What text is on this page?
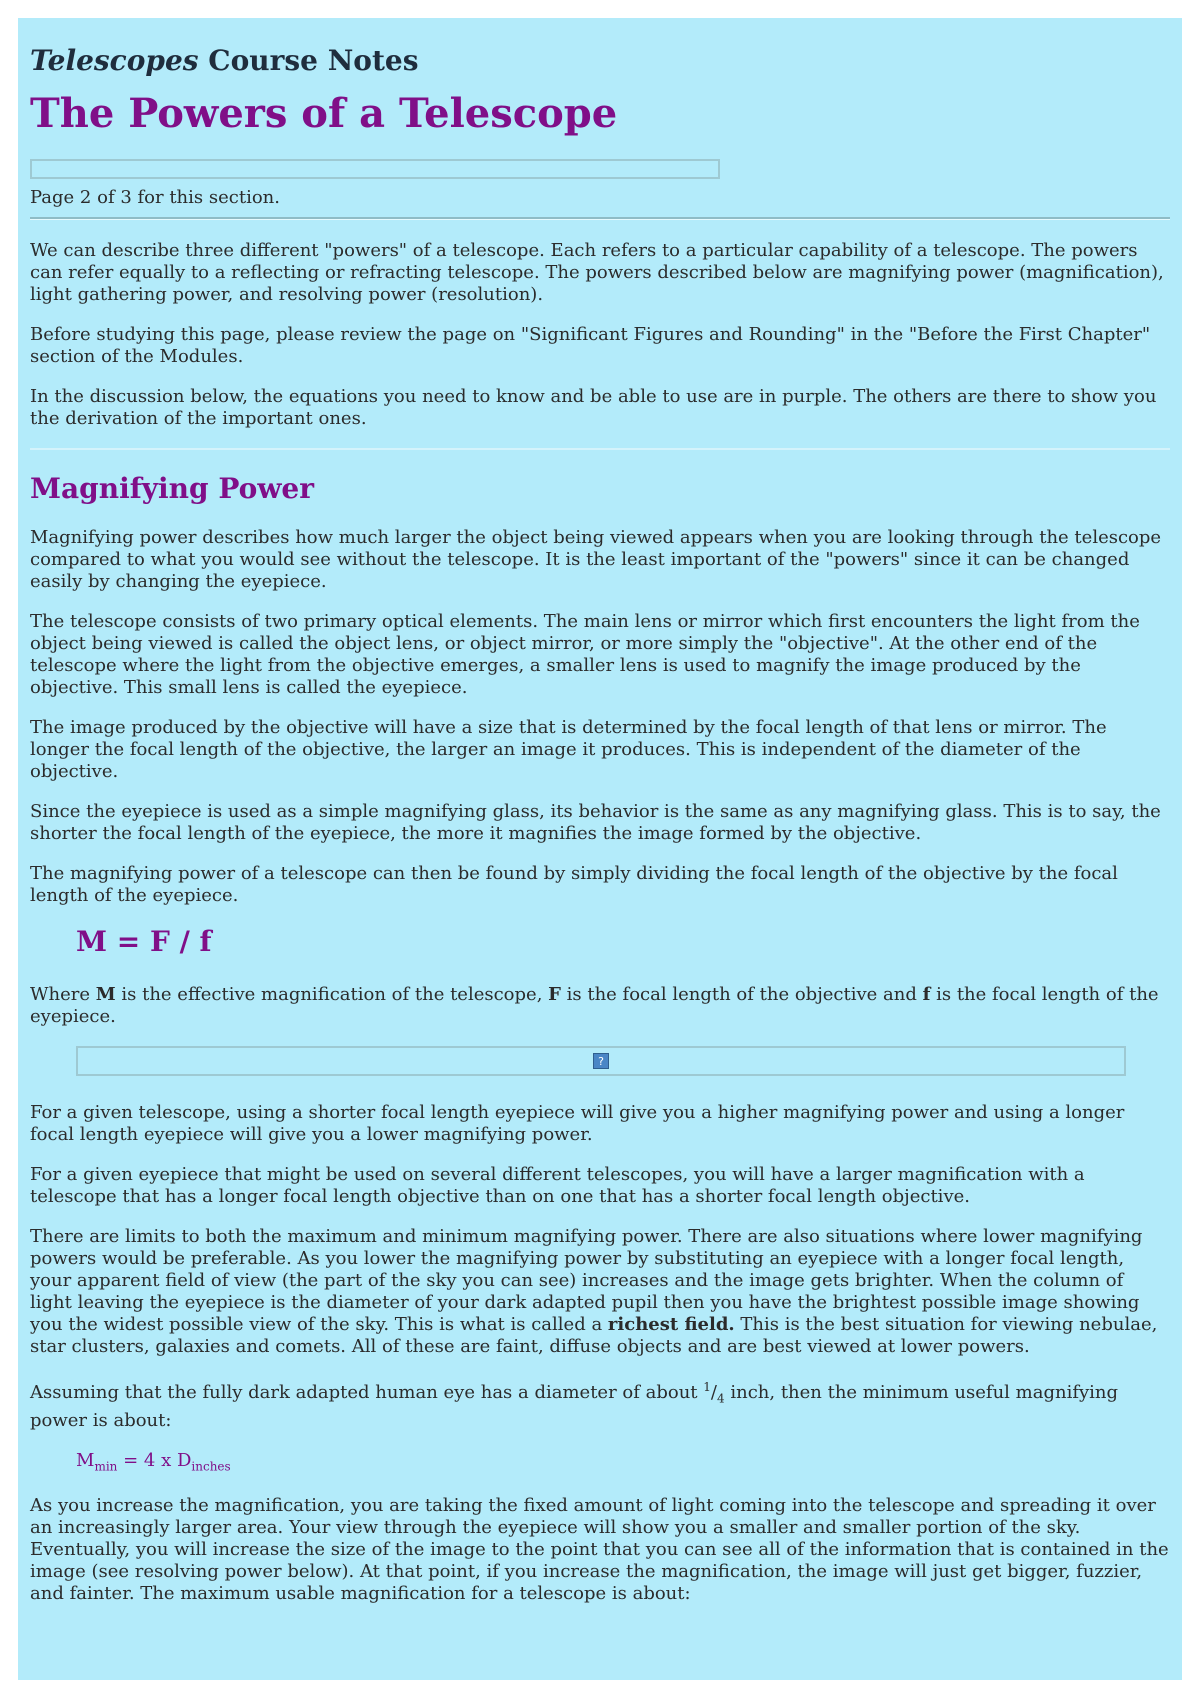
Telescopes Course Notes
The Powers of a Telescope
Page 2 of 3 for this section.

We can describe three different "powers" of a telescope. Each refers to a particular capability of a telescope. The powers can refer equally to a reflecting or refracting telescope. The powers described below are magnifying power (magnification), light gathering power, and resolving power (resolution).

Before studying this page, please review the page on "Significant Figures and Rounding" in the "Before the First Chapter" section of the Modules.

In the discussion below, the equations you need to know and be able to use are in purple. The others are there to show you the derivation of the important ones.

Magnifying Power

Magnifying power describes how much larger the object being viewed appears when you are looking through the telescope compared to what you would see without the telescope. It is the least important of the "powers" since it can be changed easily by changing the eyepiece.

The telescope consists of two primary optical elements. The main lens or mirror which first encounters the light from the object being viewed is called the object lens, or object mirror, or more simply the "objective". At the other end of the telescope where the light from the objective emerges, a smaller lens is used to magnify the image produced by the objective. This small lens is called the eyepiece.

The image produced by the objective will have a size that is determined by the focal length of that lens or mirror. The longer the focal length of the objective, the larger an image it produces. This is independent of the diameter of the objective.

Since the eyepiece is used as a simple magnifying glass, its behavior is the same as any magnifying glass. This is to say, the shorter the focal length of the eyepiece, the more it magnifies the image formed by the objective.

The magnifying power of a telescope can then be found by simply dividing the focal length of the objective by the focal length of the eyepiece.

M = F / f

Where M is the effective magnification of the telescope, F is the focal length of the objective and f is the focal length of the eyepiece.

?

For a given telescope, using a shorter focal length eyepiece will give you a higher magnifying power and using a longer focal length eyepiece will give you a lower magnifying power.

For a given eyepiece that might be used on several different telescopes, you will have a larger magnification with a telescope that has a longer focal length objective than on one that has a shorter focal length objective.

There are limits to both the maximum and minimum magnifying power. There are also situations where lower magnifying powers would be preferable. As you lower the magnifying power by substituting an eyepiece with a longer focal length, your apparent field of view (the part of the sky you can see) increases and the image gets brighter. When the column of light leaving the eyepiece is the diameter of your dark adapted pupil then you have the brightest possible image showing you the widest possible view of the sky. This is what is called a richest field. This is the best situation for viewing nebulae, star clusters, galaxies and comets. All of these are faint, diffuse objects and are best viewed at lower powers.

Assuming that the fully dark adapted human eye has a diameter of about $^1/_4$ inch, then the minimum useful magnifying power is about:

$M_{min} = 4$ x $D_{inches}$

As you increase the magnification, you are taking the fixed amount of light coming into the telescope and spreading it over an increasingly larger area. Your view through the eyepiece will show you a smaller and smaller portion of the sky. Eventually, you will increase the size of the image to the point that you can see all of the information that is contained in the image (see resolving power below). At that point, if you increase the magnification, the image will just get bigger, fuzzier, and fainter. The maximum usable magnification for a telescope is about:
